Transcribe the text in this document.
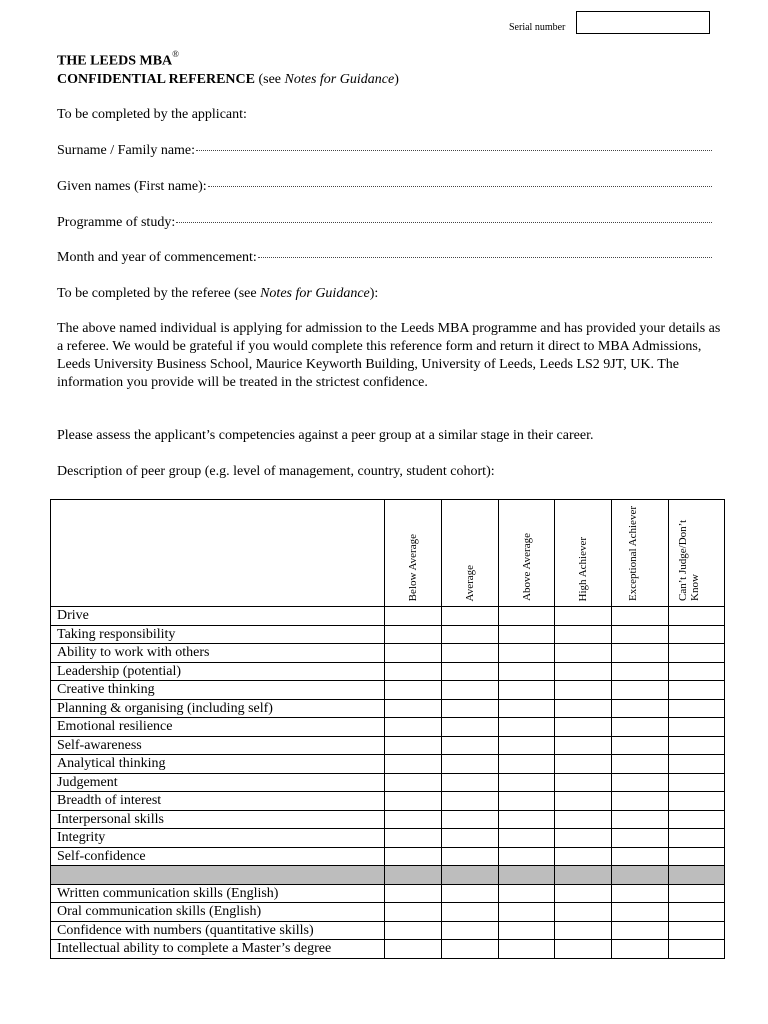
Serial number
THE LEEDS MBA®
CONFIDENTIAL REFERENCE (see Notes for Guidance)
To be completed by the applicant:
Surname / Family name:
Given names (First name):
Programme of study:
Month and year of commencement:
To be completed by the referee (see Notes for Guidance):
The above named individual is applying for admission to the Leeds MBA programme and has provided your details as a referee. We would be grateful if you would complete this reference form and return it direct to MBA Admissions, Leeds University Business School, Maurice Keyworth Building, University of Leeds, Leeds LS2 9JT, UK. The information you provide will be treated in the strictest confidence.
Please assess the applicant’s competencies against a peer group at a similar stage in their career.
Description of peer group (e.g. level of management, country, student cohort):

	Below Average	Average	Above Average	High Achiever	Exceptional Achiever	Can’t Judge/Don’t Know

Drive						
Taking responsibility						
Ability to work with others						
Leadership (potential)						
Creative thinking						
Planning & organising (including self)						
Emotional resilience						
Self-awareness						
Analytical thinking						
Judgement						
Breadth of interest						
Interpersonal skills						
Integrity						
Self-confidence						

Written communication skills (English)						
Oral communication skills (English)						
Confidence with numbers (quantitative skills)						
Intellectual ability to complete a Master’s degree						
